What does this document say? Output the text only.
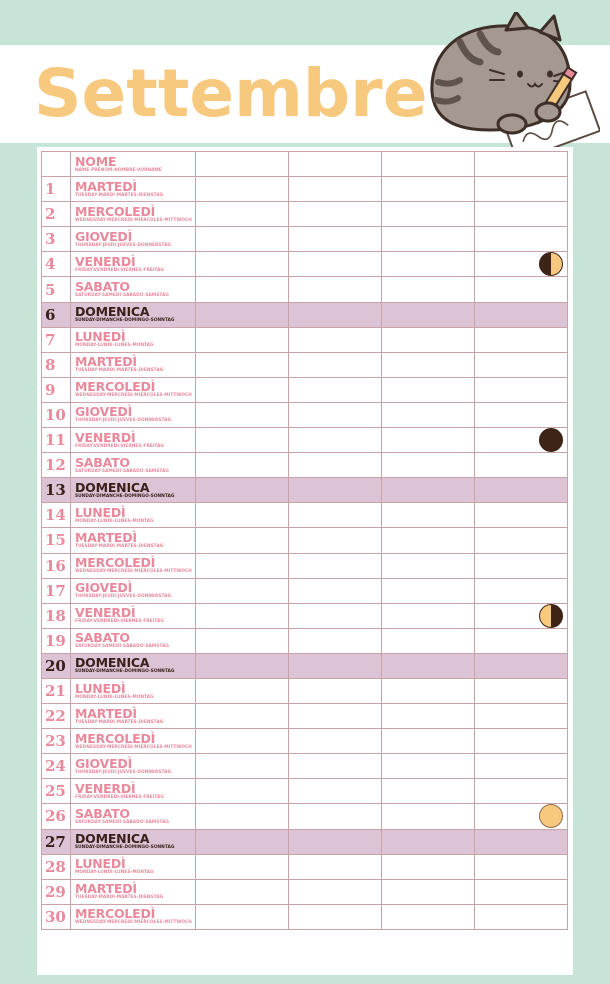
Settembre

	NOME
NAME-PRÉNOM-NOMBRE-VORNAME				

1	MARTEDÌ
TUESDAY-MARDI-MARTES-DIENSTAG				

2	MERCOLEDÌ
WEDNESDAY-MERCREDI-MIÉRCOLES-MITTWOCH				

3	GIOVEDÌ
THURSDAY-JEUDI-JUEVES-DONNERSTAG				

4	VENERDÌ
FRIDAY-VENDREDI-VIERNES-FREITAG				

5	SABATO
SATURDAY-SAMEDI-SÁBADO-SAMSTAG				

6	DOMENICA
SUNDAY-DIMANCHE-DOMINGO-SONNTAG				

7	LUNEDÌ
MONDAY-LUNDI-LUNES-MONTAG				

8	MARTEDÌ
TUESDAY-MARDI-MARTES-DIENSTAG				

9	MERCOLEDÌ
WEDNESDAY-MERCREDI-MIÉRCOLES-MITTWOCH				

10	GIOVEDÌ
THURSDAY-JEUDI-JUEVES-DONNERSTAG				

11	VENERDÌ
FRIDAY-VENDREDI-VIERNES-FREITAG				

12	SABATO
SATURDAY-SAMEDI-SÁBADO-SAMSTAG				

13	DOMENICA
SUNDAY-DIMANCHE-DOMINGO-SONNTAG				

14	LUNEDÌ
MONDAY-LUNDI-LUNES-MONTAG				

15	MARTEDÌ
TUESDAY-MARDI-MARTES-DIENSTAG				

16	MERCOLEDÌ
WEDNESDAY-MERCREDI-MIÉRCOLES-MITTWOCH				

17	GIOVEDÌ
THURSDAY-JEUDI-JUEVES-DONNERSTAG				

18	VENERDÌ
FRIDAY-VENDREDI-VIERNES-FREITAG				

19	SABATO
SATURDAY-SAMEDI-SÁBADO-SAMSTAG				

20	DOMENICA
SUNDAY-DIMANCHE-DOMINGO-SONNTAG				

21	LUNEDÌ
MONDAY-LUNDI-LUNES-MONTAG				

22	MARTEDÌ
TUESDAY-MARDI-MARTES-DIENSTAG				

23	MERCOLEDÌ
WEDNESDAY-MERCREDI-MIÉRCOLES-MITTWOCH				

24	GIOVEDÌ
THURSDAY-JEUDI-JUEVES-DONNERSTAG				

25	VENERDÌ
FRIDAY-VENDREDI-VIERNES-FREITAG				

26	SABATO
SATURDAY-SAMEDI-SÁBADO-SAMSTAG				

27	DOMENICA
SUNDAY-DIMANCHE-DOMINGO-SONNTAG				

28	LUNEDÌ
MONDAY-LUNDI-LUNES-MONTAG				

29	MARTEDÌ
TUESDAY-MARDI-MARTES-DIENSTAG				

30	MERCOLEDÌ
WEDNESDAY-MERCREDI-MIÉRCOLES-MITTWOCH				
